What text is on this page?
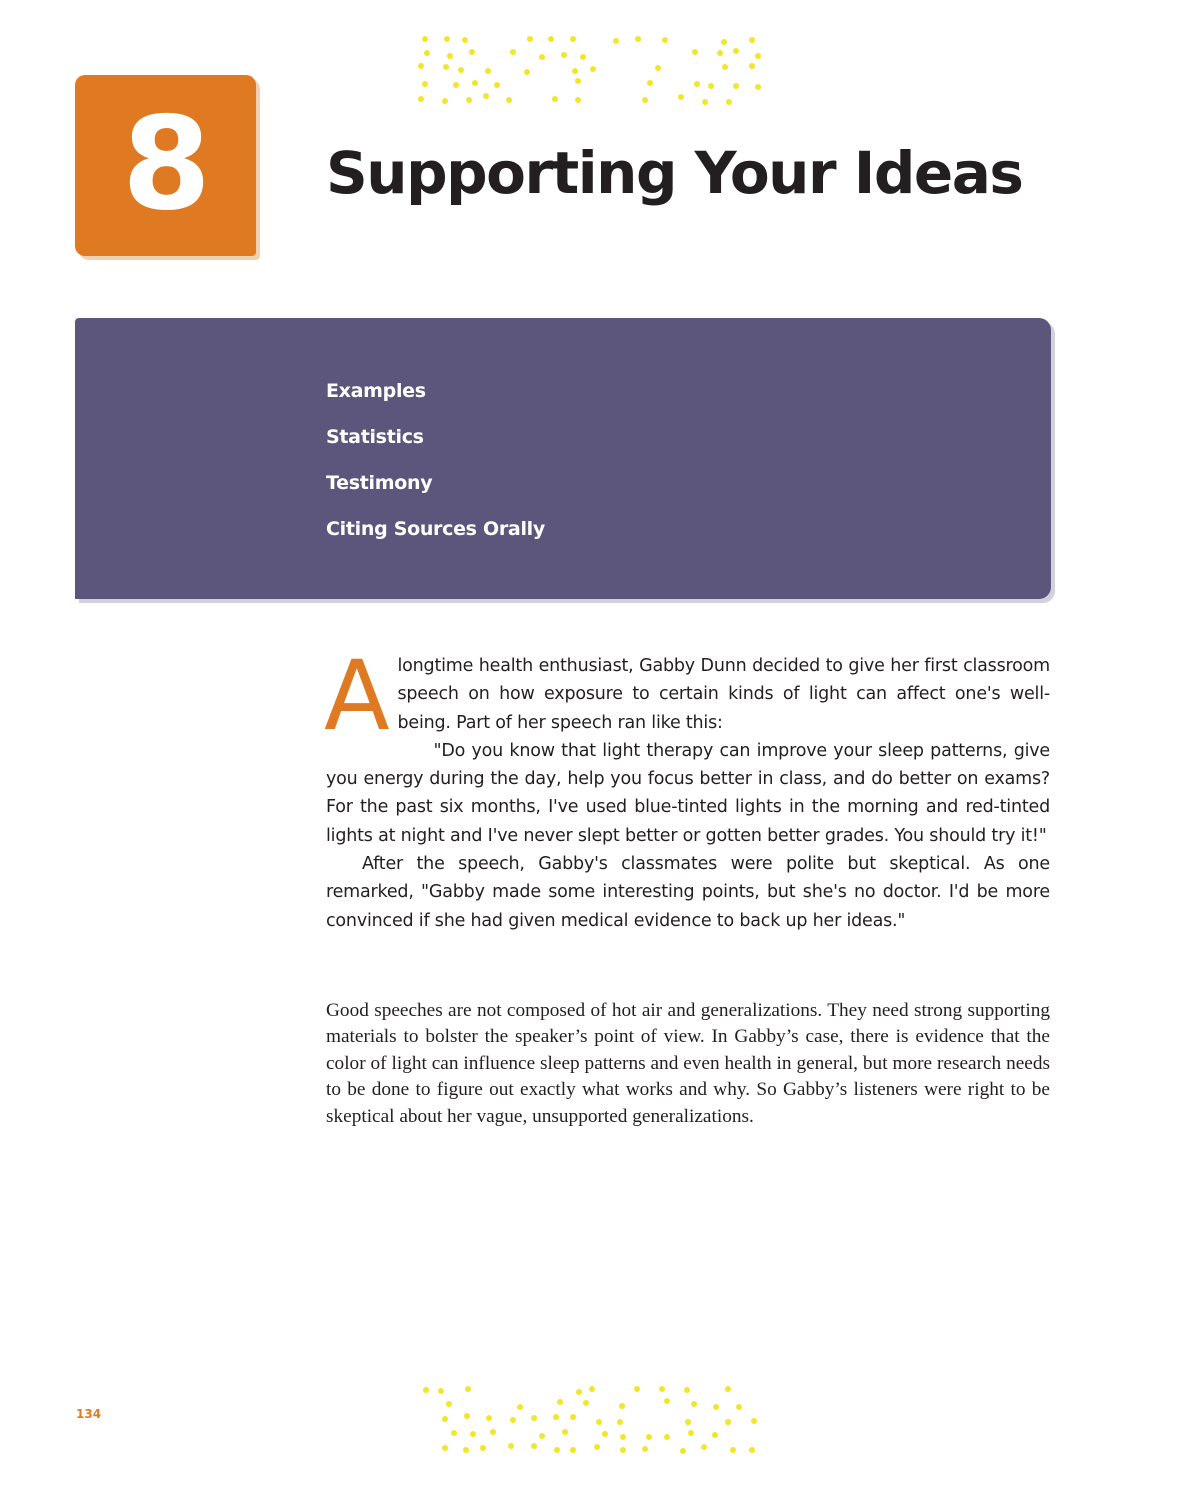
8	Supporting Your Ideas
Examples
Statistics
Testimony
Citing Sources Orally

A longtime health enthusiast, Gabby Dunn decided to give her first classroom speech on how exposure to certain kinds of light can affect one's well-being. Part of her speech ran like this:

"Do you know that light therapy can improve your sleep patterns, give you energy during the day, help you focus better in class, and do better on exams? For the past six months, I've used blue-tinted lights in the morning and red-tinted lights at night and I've never slept better or gotten better grades. You should try it!"

After the speech, Gabby's classmates were polite but skeptical. As one remarked, "Gabby made some interesting points, but she's no doctor. I'd be more convinced if she had given medical evidence to back up her ideas."

Good speeches are not composed of hot air and generalizations. They need strong supporting materials to bolster the speaker’s point of view. In Gabby’s case, there is evidence that the color of light can influence sleep patterns and even health in general, but more research needs to be done to figure out exactly what works and why. So Gabby’s listeners were right to be skeptical about her vague, unsupported generalizations.

134
